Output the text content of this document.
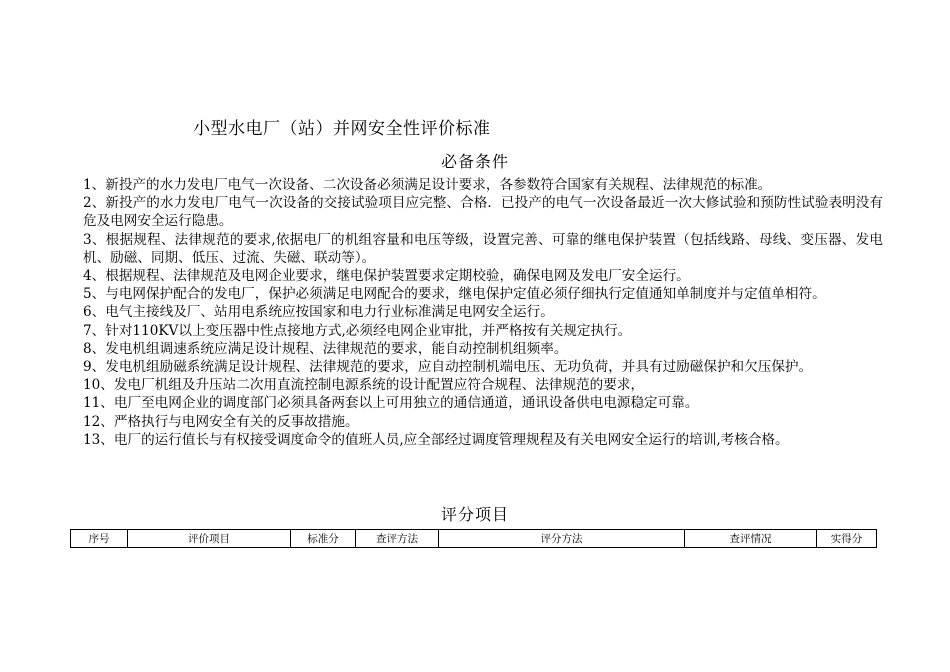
小型水电厂（站）并网安全性评价标准
必备条件
1、新投产的水力发电厂电气一次设备、二次设备必须满足设计要求，各参数符合国家有关规程、法律规范的标准。
2、新投产的水力发电厂电气一次设备的交接试验项目应完整、合格．已投产的电气一次设备最近一次大修试验和预防性试验表明没有危及电网安全运行隐患。
3、根据规程、法律规范的要求,依据电厂的机组容量和电压等级，设置完善、可靠的继电保护装置（包括线路、母线、变压器、发电机、励磁、同期、低压、过流、失磁、联动等）。
4、根据规程、法律规范及电网企业要求，继电保护装置要求定期校验，确保电网及发电厂安全运行。
5、与电网保护配合的发电厂，保护必须满足电网配合的要求，继电保护定值必须仔细执行定值通知单制度并与定值单相符。
6、电气主接线及厂、站用电系统应按国家和电力行业标准满足电网安全运行。
7、针对110KV以上变压器中性点接地方式,必须经电网企业审批，并严格按有关规定执行。
8、发电机组调速系统应满足设计规程、法律规范的要求，能自动控制机组频率。
9、发电机组励磁系统满足设计规程、法律规范的要求，应自动控制机端电压、无功负荷，并具有过励磁保护和欠压保护。
10、发电厂机组及升压站二次用直流控制电源系统的设计配置应符合规程、法律规范的要求，
11、电厂至电网企业的调度部门必须具备两套以上可用独立的通信通道，通讯设备供电电源稳定可靠。
12、严格执行与电网安全有关的反事故措施。
13、电厂的运行值长与有权接受调度命令的值班人员,应全部经过调度管理规程及有关电网安全运行的培训,考核合格。
评分项目
序号	评价项目	标准分	查评方法	评分方法	查评情况	实得分
